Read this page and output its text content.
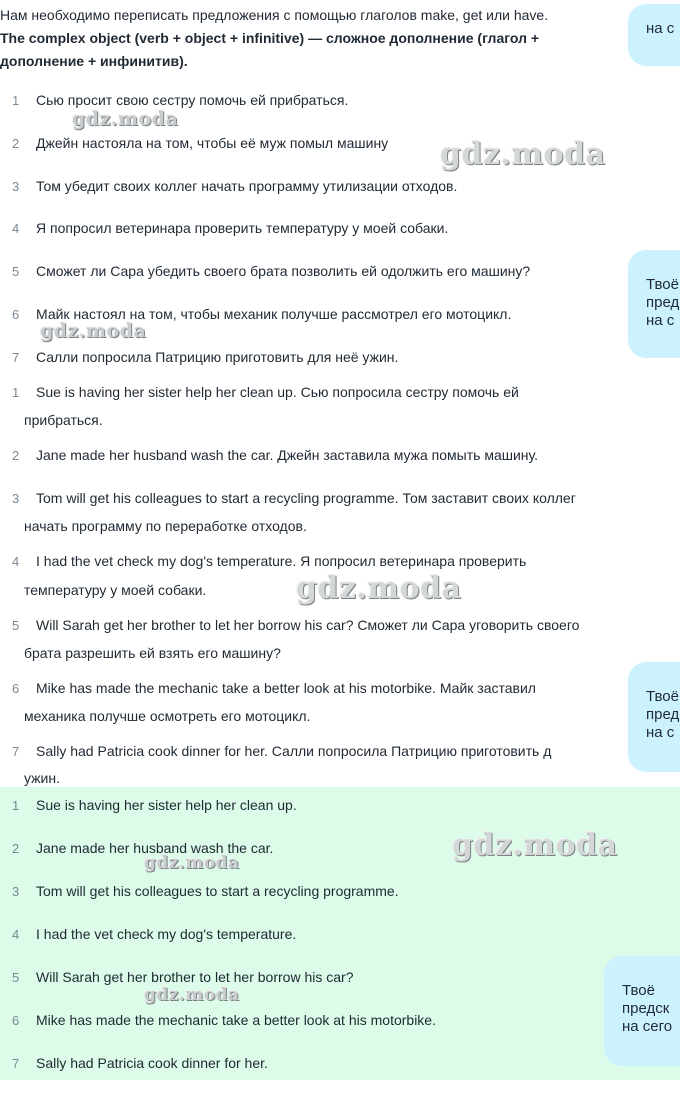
Нам необходимо переписать предложения с помощью глаголов make, get или have.
The complex object (verb + object + infinitive) — сложное дополнение (глагол +
дополнение + инфинитив).
1 Сью просит свою сестру помочь ей прибраться.
2 Джейн настояла на том, чтобы её муж помыл машину
3 Том убедит своих коллег начать программу утилизации отходов.
4 Я попросил ветеринара проверить температуру у моей собаки.
5 Сможет ли Сара убедить своего брата позволить ей одолжить его машину?
6 Майк настоял на том, чтобы механик получше рассмотрел его мотоцикл.
7 Салли попросила Патрицию приготовить для неё ужин.
1 Sue is having her sister help her clean up. Сью попросила сестру помочь ей
прибраться.
2 Jane made her husband wash the car. Джейн заставила мужа помыть машину.
3 Tom will get his colleagues to start a recycling programme. Том заставит своих коллег
начать программу по переработке отходов.
4 I had the vet check my dog's temperature. Я попросил ветеринара проверить
температуру у моей собаки.
5 Will Sarah get her brother to let her borrow his car? Сможет ли Сара уговорить своего
брата разрешить ей взять его машину?
6 Mike has made the mechanic take a better look at his motorbike. Майк заставил
механика получше осмотреть его мотоцикл.
7 Sally had Patricia cook dinner for her. Салли попросила Патрицию приготовить д
ужин.
1 Sue is having her sister help her clean up.
2 Jane made her husband wash the car.
3 Tom will get his colleagues to start a recycling programme.
4 I had the vet check my dog's temperature.
5 Will Sarah get her brother to let her borrow his car?
6 Mike has made the mechanic take a better look at his motorbike.
7 Sally had Patricia cook dinner for her.
gdz.moda
gdz.moda
gdz.moda
gdz.moda
gdz.moda
gdz.moda
gdz.moda
на с
Твоё
пред
на с
Твоё
пред
на с
Твоё
предск
на сего
